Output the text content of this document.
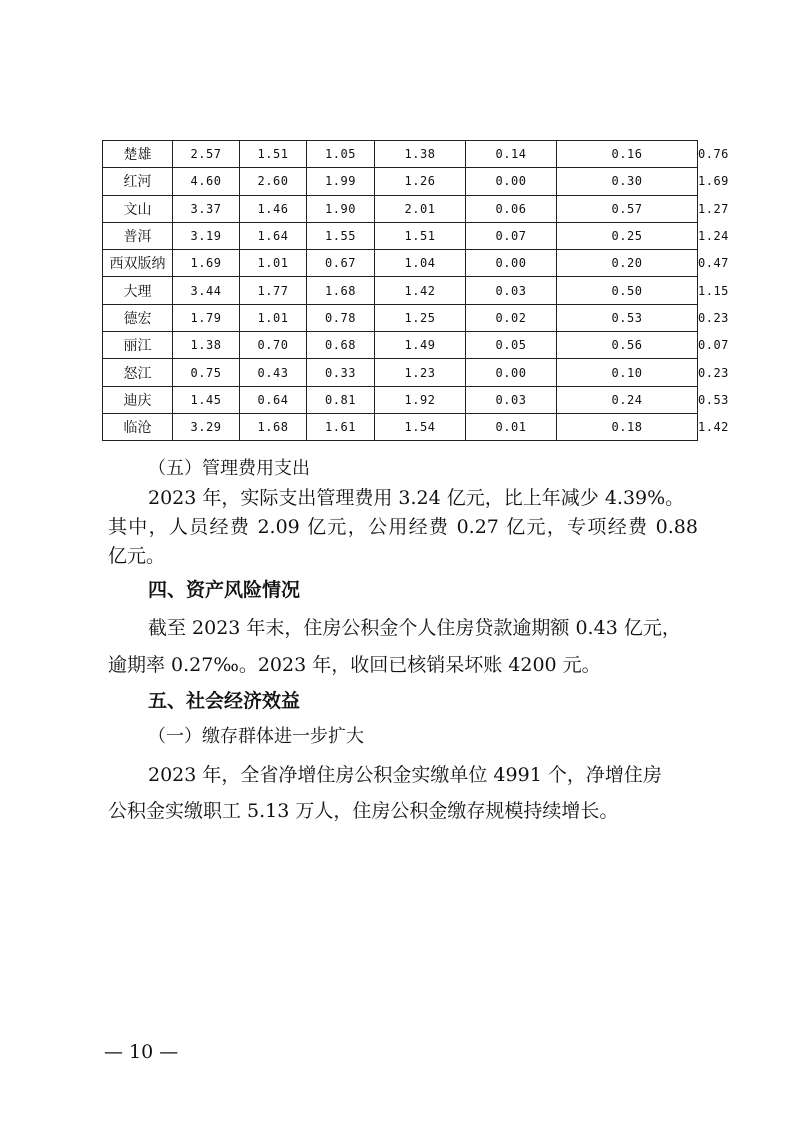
楚雄	2.57	1.51	1.05	1.38	0.14	0.16	0.76
红河	4.60	2.60	1.99	1.26	0.00	0.30	1.69
文山	3.37	1.46	1.90	2.01	0.06	0.57	1.27
普洱	3.19	1.64	1.55	1.51	0.07	0.25	1.24
西双版纳	1.69	1.01	0.67	1.04	0.00	0.20	0.47
大理	3.44	1.77	1.68	1.42	0.03	0.50	1.15
德宏	1.79	1.01	0.78	1.25	0.02	0.53	0.23
丽江	1.38	0.70	0.68	1.49	0.05	0.56	0.07
怒江	0.75	0.43	0.33	1.23	0.00	0.10	0.23
迪庆	1.45	0.64	0.81	1.92	0.03	0.24	0.53
临沧	3.29	1.68	1.61	1.54	0.01	0.18	1.42
（五）管理费用支出
2023 年，实际支出管理费用 3.24 亿元，比上年减少 4.39%。
其中，人员经费 2.09 亿元，公用经费 0.27 亿元，专项经费 0.88
亿元。
四、资产风险情况
截至 2023 年末，住房公积金个人住房贷款逾期额 0.43 亿元，
逾期率 0.27‰。2023 年，收回已核销呆坏账 4200 元。
五、社会经济效益
（一）缴存群体进一步扩大
2023 年，全省净增住房公积金实缴单位 4991 个，净增住房
公积金实缴职工 5.13 万人，住房公积金缴存规模持续增长。
— 10 —
